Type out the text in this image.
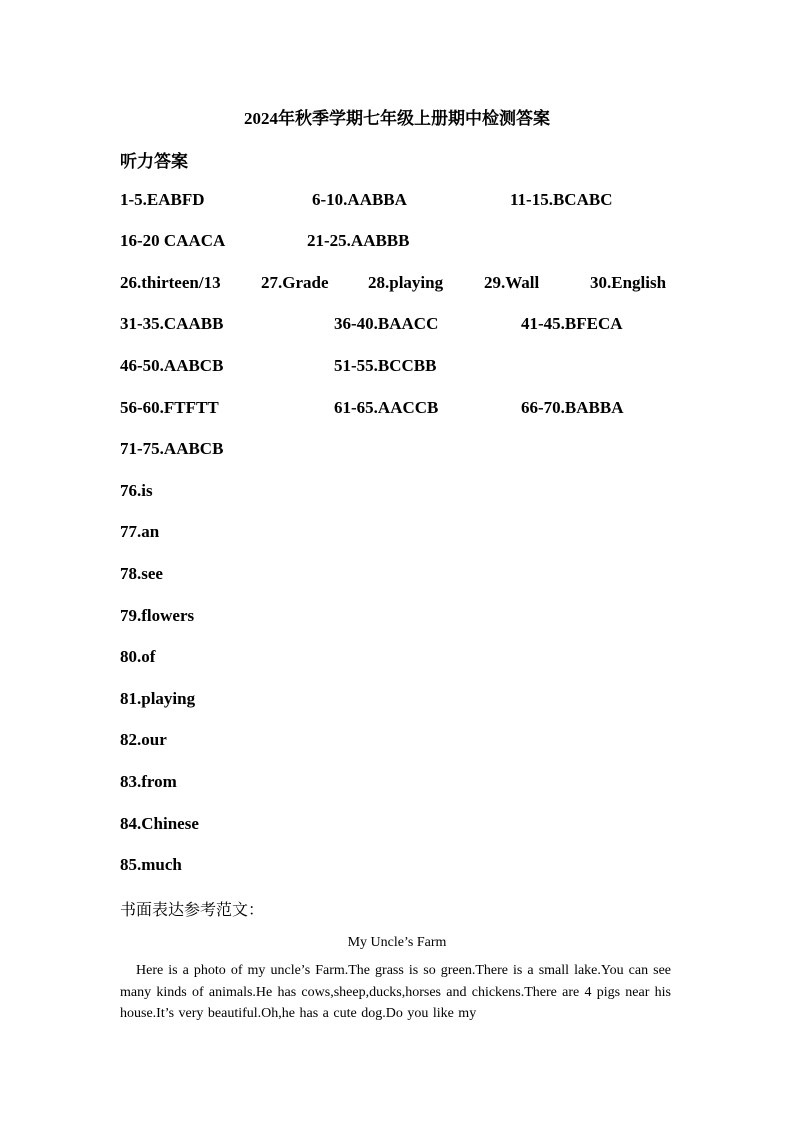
2024年秋季学期七年级上册期中检测答案
听力答案
1-5.EABFD	6-10.AABBA	11-15.BCABC
16-20 CAACA	21-25.AABBB
26.thirteen/13 27.Grade 28.playing 29.Wall	30.English
31-35.CAABB	36-40.BAACC	41-45.BFECA
46-50.AABCB	51-55.BCCBB
56-60.FTFTT	61-65.AACCB	66-70.BABBA
71-75.AABCB
76.is
77.an
78.see
79.flowers
80.of
81.playing
82.our
83.from
84.Chinese
85.much
书面表达参考范文：
My Uncle’s Farm
Here is a photo of my uncle’s Farm.The grass is so green.There is a small lake.You can see many kinds of animals.He has cows,sheep,ducks,horses and chickens.There are 4 pigs near his house.It’s very beautiful.Oh,he has a cute dog.Do you like my
